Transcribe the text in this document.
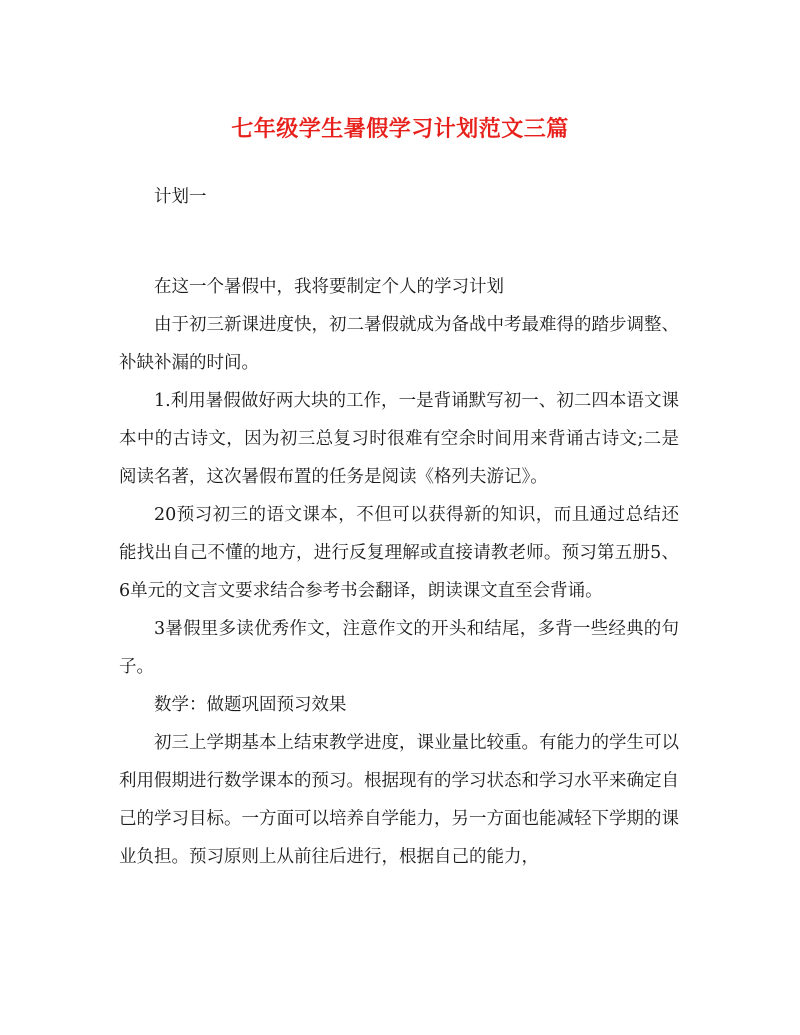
七年级学生暑假学习计划范文三篇

计划一

在这一个暑假中，我将要制定个人的学习计划

由于初三新课进度快，初二暑假就成为备战中考最难得的踏步调整、补缺补漏的时间。

1.利用暑假做好两大块的工作，一是背诵默写初一、初二四本语文课本中的古诗文，因为初三总复习时很难有空余时间用来背诵古诗文;二是阅读名著，这次暑假布置的任务是阅读《格列夫游记》。

20预习初三的语文课本，不但可以获得新的知识，而且通过总结还能找出自己不懂的地方，进行反复理解或直接请教老师。预习第五册5、6单元的文言文要求结合参考书会翻译，朗读课文直至会背诵。

3暑假里多读优秀作文，注意作文的开头和结尾，多背一些经典的句子。

数学：做题巩固预习效果

初三上学期基本上结束教学进度，课业量比较重。有能力的学生可以利用假期进行数学课本的预习。根据现有的学习状态和学习水平来确定自己的学习目标。一方面可以培养自学能力，另一方面也能减轻下学期的课业负担。预习原则上从前往后进行，根据自己的能力，
